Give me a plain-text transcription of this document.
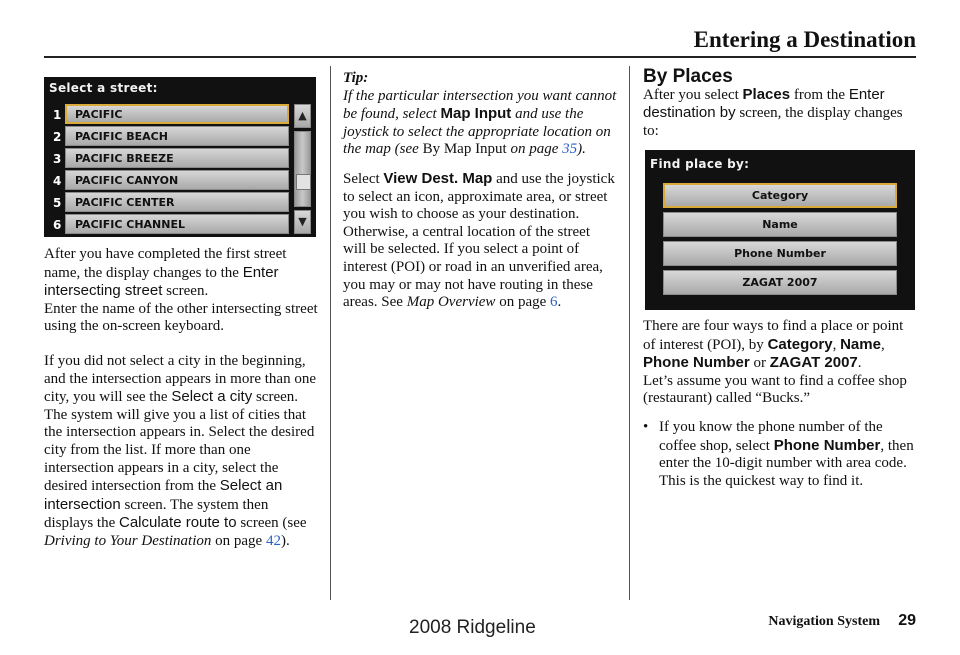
Entering a Destination
Select a street:
1	PACIFIC
2	PACIFIC BEACH
3	PACIFIC BREEZE
4	PACIFIC CANYON
5	PACIFIC CENTER
6	PACIFIC CHANNEL
▲
▼

After you have completed the first street name, the display changes to the Enter intersecting street screen.

Enter the name of the other intersecting street using the on-screen keyboard.

If you did not select a city in the beginning, and the intersection appears in more than one city, you will see the Select a city screen. The system will give you a list of cities that the intersection appears in. Select the desired city from the list. If more than one intersection appears in a city, select the desired intersection from the Select an intersection screen. The system then displays the Calculate route to screen (see Driving to Your Destination on page 42).

Tip:

If the particular intersection you want cannot be found, select Map Input and use the joystick to select the appropriate location on the map (see By Map Input on page 35).

Select View Dest. Map and use the joystick to select an icon, approximate area, or street you wish to choose as your destination. Otherwise, a central location of the street will be selected. If you select a point of interest (POI) or road in an unverified area, you may or may not have routing in these areas. See Map Overview on page 6.

By Places

After you select Places from the Enter destination by screen, the display changes to:

Find place by:
Category
Name
Phone Number
ZAGAT 2007

There are four ways to find a place or point of interest (POI), by Category, Name, Phone Number or ZAGAT 2007.

Let’s assume you want to find a coffee shop (restaurant) called “Bucks.”

• If you know the phone number of the coffee shop, select Phone Number, then enter the 10-digit number with area code. This is the quickest way to find it.
Navigation System 29
2008 Ridgeline
